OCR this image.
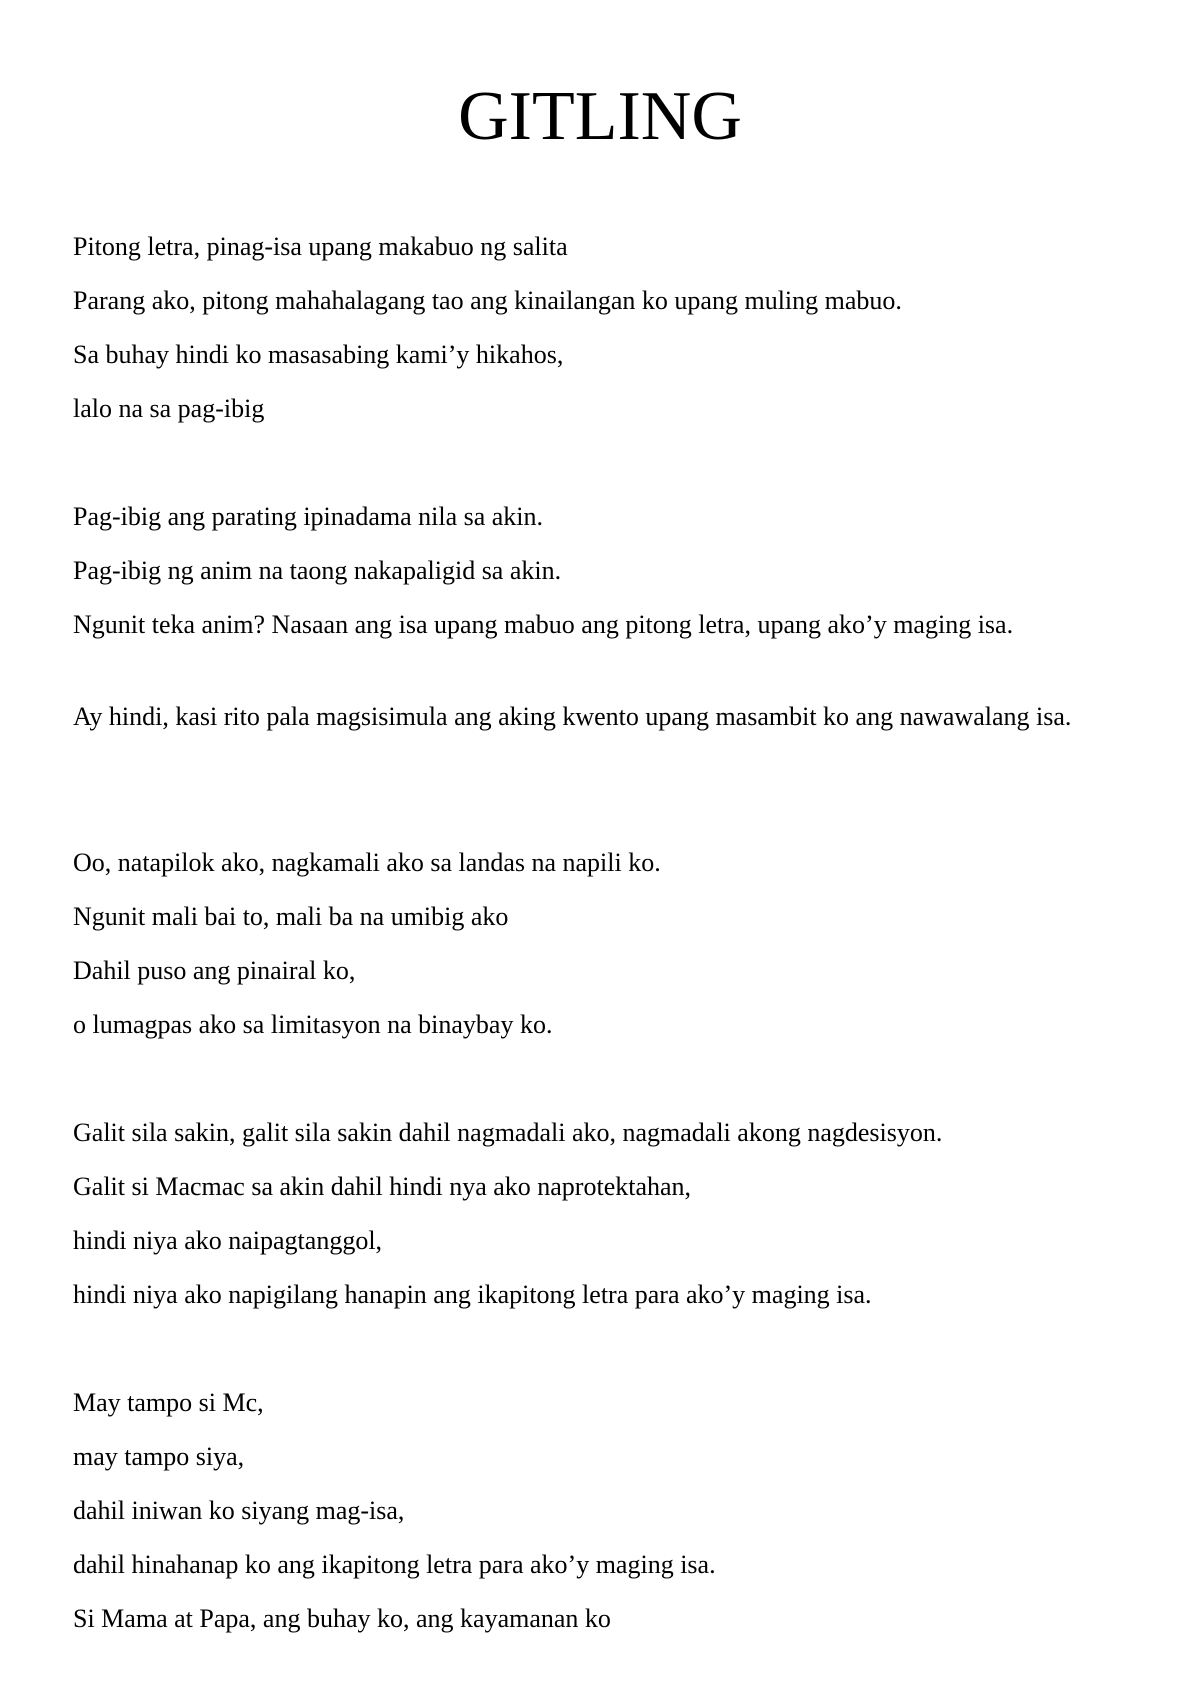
GITLING

Pitong letra, pinag-isa upang makabuo ng salita

Parang ako, pitong mahahalagang tao ang kinailangan ko upang muling mabuo.

Sa buhay hindi ko masasabing kami’y hikahos,

lalo na sa pag-ibig

Pag-ibig ang parating ipinadama nila sa akin.

Pag-ibig ng anim na taong nakapaligid sa akin.

Ngunit teka anim? Nasaan ang isa upang mabuo ang pitong letra, upang ako’y maging isa.

Ay hindi, kasi rito pala magsisimula ang aking kwento upang masambit ko ang nawawalang isa.

Oo, natapilok ako, nagkamali ako sa landas na napili ko.

Ngunit mali bai to, mali ba na umibig ako

Dahil puso ang pinairal ko,

o lumagpas ako sa limitasyon na binaybay ko.

Galit sila sakin, galit sila sakin dahil nagmadali ako, nagmadali akong nagdesisyon.

Galit si Macmac sa akin dahil hindi nya ako naprotektahan,

hindi niya ako naipagtanggol,

hindi niya ako napigilang hanapin ang ikapitong letra para ako’y maging isa.

May tampo si Mc,

may tampo siya,

dahil iniwan ko siyang mag-isa,

dahil hinahanap ko ang ikapitong letra para ako’y maging isa.

Si Mama at Papa, ang buhay ko, ang kayamanan ko
